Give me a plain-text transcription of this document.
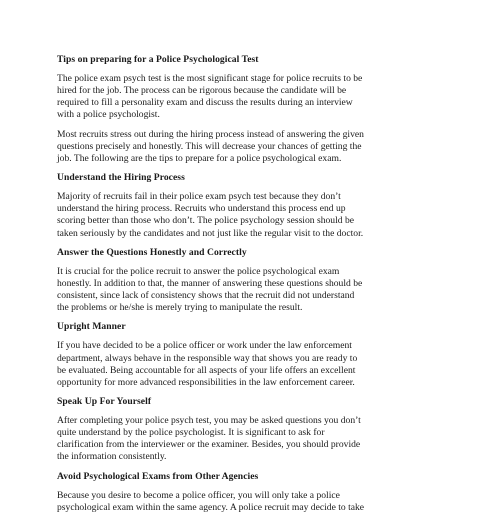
Tips on preparing for a Police Psychological Test
The police exam psych test is the most significant stage for police recruits to be
hired for the job. The process can be rigorous because the candidate will be
required to fill a personality exam and discuss the results during an interview
with a police psychologist.
Most recruits stress out during the hiring process instead of answering the given
questions precisely and honestly. This will decrease your chances of getting the
job. The following are the tips to prepare for a police psychological exam.
Understand the Hiring Process
Majority of recruits fail in their police exam psych test because they don’t
understand the hiring process. Recruits who understand this process end up
scoring better than those who don’t. The police psychology session should be
taken seriously by the candidates and not just like the regular visit to the doctor.
Answer the Questions Honestly and Correctly
It is crucial for the police recruit to answer the police psychological exam
honestly. In addition to that, the manner of answering these questions should be
consistent, since lack of consistency shows that the recruit did not understand
the problems or he/she is merely trying to manipulate the result.
Upright Manner
If you have decided to be a police officer or work under the law enforcement
department, always behave in the responsible way that shows you are ready to
be evaluated. Being accountable for all aspects of your life offers an excellent
opportunity for more advanced responsibilities in the law enforcement career.
Speak Up For Yourself
After completing your police psych test, you may be asked questions you don’t
quite understand by the police psychologist. It is significant to ask for
clarification from the interviewer or the examiner. Besides, you should provide
the information consistently.
Avoid Psychological Exams from Other Agencies
Because you desire to become a police officer, you will only take a police
psychological exam within the same agency. A police recruit may decide to take
